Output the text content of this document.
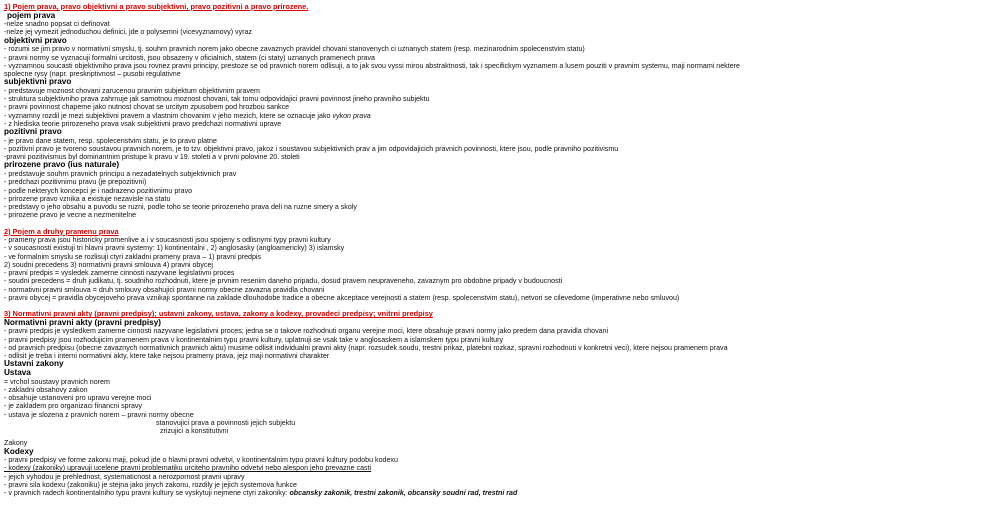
1) Pojem prava, pravo objektivni a pravo subjektivni, pravo pozitivni a pravo prirozene.
pojem prava
-nelze snadno popsat ci definovat
-nelze jej vymezit jednoduchou definici, jde o polysemni (vicevyznamovy) vyraz
objektivni pravo
- rozumi se jim pravo v normativni smyslu, tj. souhrn pravnich norem jako obecne zavaznych pravidel chovani stanovenych ci uznanych statem (resp. mezinarodnim spolecenstvim statu)
- pravni normy se vyznacuji formalni urcitosti, jsou obsazeny v oficialnich, statem (ci staty) uznanych pramenech prava
- vyznamnou soucasti objektivniho prava jsou rovnez pravni principy, prestoze se od pravnich norem odlisuji, a to jak svou vyssi mirou abstraktnosti, tak i specifickym vyznamem a lusem pouziti v pravnim systemu, maji normami nektere
spolecne rysy (napr. preskriptivnost – pusobi regulativne
subjektivni pravo
- predstavuje moznost chovani zarucenou pravnim subjektum objektivnim pravem
- struktura subjektivniho prava zahrnuje jak samotnou moznost chovani, tak tomu odpovidajici pravni povinnost jineho pravniho subjektu
- pravni povinnost chapeme jako nutnost chovat se urcitym zpusobem pod hrozbou sankce
- vyznamny rozdil je mezi subjektivni pravem a vlastnim chovanim v jeho mezich, ktere se oznacuje jako vykon prava
- z hlediska teorie prirozeneho prava vsak subjektivni pravo predchazi normativni uprave
pozitivni pravo
- je pravo dane statem, resp. spolecenstvim statu, je to pravo platne
- pozitivni pravo je tvoreno soustavou pravnich norem, je to tzv. objektivni pravo, jakoz i soustavou subjektivnich prav a jim odpovidajicich pravnich povinnosti, ktere jsou, podle pravniho pozitivismu
-pravni pozitivismus byl dominantnim pristupe k pravu v 19. stoleti a v prvni polovine 20. stoleti
prirozene pravo (ius naturale)
- predstavuje souhrn pravnich principu a nezadatelnych subjektivnich prav
- predchazi pozitivnimu pravu (je prepozitivni)
- podle nekterych koncepci je i nadrazeno pozitivnimu pravo
- prirozene pravo vznika a existuje nezavisle na statu
- predstavy o jeho obsahu a puvodu se ruzni, podle toho se teorie prirozeneho prava deli na ruzne smery a skoly
- prirozene pravo je vecne a nezmenitelne
2) Pojem a druhy pramenu prava
- prameny prava jsou historicky promenlive a i v soucasnosti jsou spojeny s odlisnymi typy pravni kultury
- v soucasnosti existuji tri hlavni pravni systemy: 1) kontinentalni , 2) anglosasky (angloamericky) 3) islamsky
- ve formalnim smyslu se rozlisuji ctyri zakladni prameny prava – 1) pravni predpis
2) soudni precedens 3) normativni pravni smlouva 4) pravni obycej
- pravni predpis = vysledek zamerne cinnosti nazyvane legislativni proces
- soudni precedens = druh judikatu, tj. soudniho rozhodnuti, ktere je prvnim resenim daneho pripadu, dosud pravem neupraveneho, zavaznym pro obdobne pripady v budoucnosti
- normativni pravni smlouva = druh smlouvy obsahujici pravni normy obecne zavazna pravidla chovani
- pravni obycej = pravidla obycejoveho prava vznikaji spontanne na zaklade dlouhodobe tradice a obecne akceptace verejnosti a statem (resp. spolecenstvim statu), netvori se cilevedome (imperativne nebo smluvou)
3) Normativni pravni akty (pravni predpisy); ustavni zakony, ustava, zakony a kodexy, provadeci predpisy; vnitrni predpisy
Normativni pravni akty (pravni predpisy)
- pravni predpis je vysledkem zamerne cinnosti nazyvane legislativni proces; jedna se o takove rozhodnuti organu verejne moci, ktere obsahuje pravni normy jako predem dana pravidla chovani
- pravni predpisy jsou rozhodujicim pramenem prava v kontinentalnim typu pravni kultury, uplatnuji se vsak take v anglosaskem a islamskem typu pravni kultury
- od pravnich predpisu (obecne zavaznych normativnich pravnich aktu) musime odlisit individualni pravni akty (napr. rozsudek soudu, trestni prikaz, platebni rozkaz, spravni rozhodnuti v konkretni veci), ktere nejsou pramenem prava
- odlisit je treba i interni normativni akty, ktere take nejsou prameny prava, jejz maji normativni charakter
Ustavni zakony
Ustava
= vrchol soustavy pravnich norem
- zakladni obsahovy zakon
- obsahuje ustanoveni pro upravu verejne moci
- je zakladem pro organizaci financni spravy
- ustava je slozena z pravnich norem – pravni normy obecne
stanovujici prava a povinnosti jejich subjektu
zrizujici a konstitutivni
Zakony
Kodexy
- pravni predpisy ve forme zakonu maji, pokud jde o hlavni pravni odvetvi, v kontinentalnim typu pravni kultury podobu kodexu
- kodexy (zakoniky) upravuji ucelene pravni problematiku urciteho pravniho odvetvi nebo alespon jeho prevazne casti
- jejich vyhodou je prehlednost, systematicnost a nerozpornost pravni upravy
- pravni sila kodexu (zakoniku) je stejna jako jinych zakonu, rozdily je jejich systemova funkce
- v pravnich radech kontinentalniho typu pravni kultury se vyskytuji nejmene ctyri zakoniky: obcansky zakonik, trestni zakonik, obcansky soudni rad, trestni rad
